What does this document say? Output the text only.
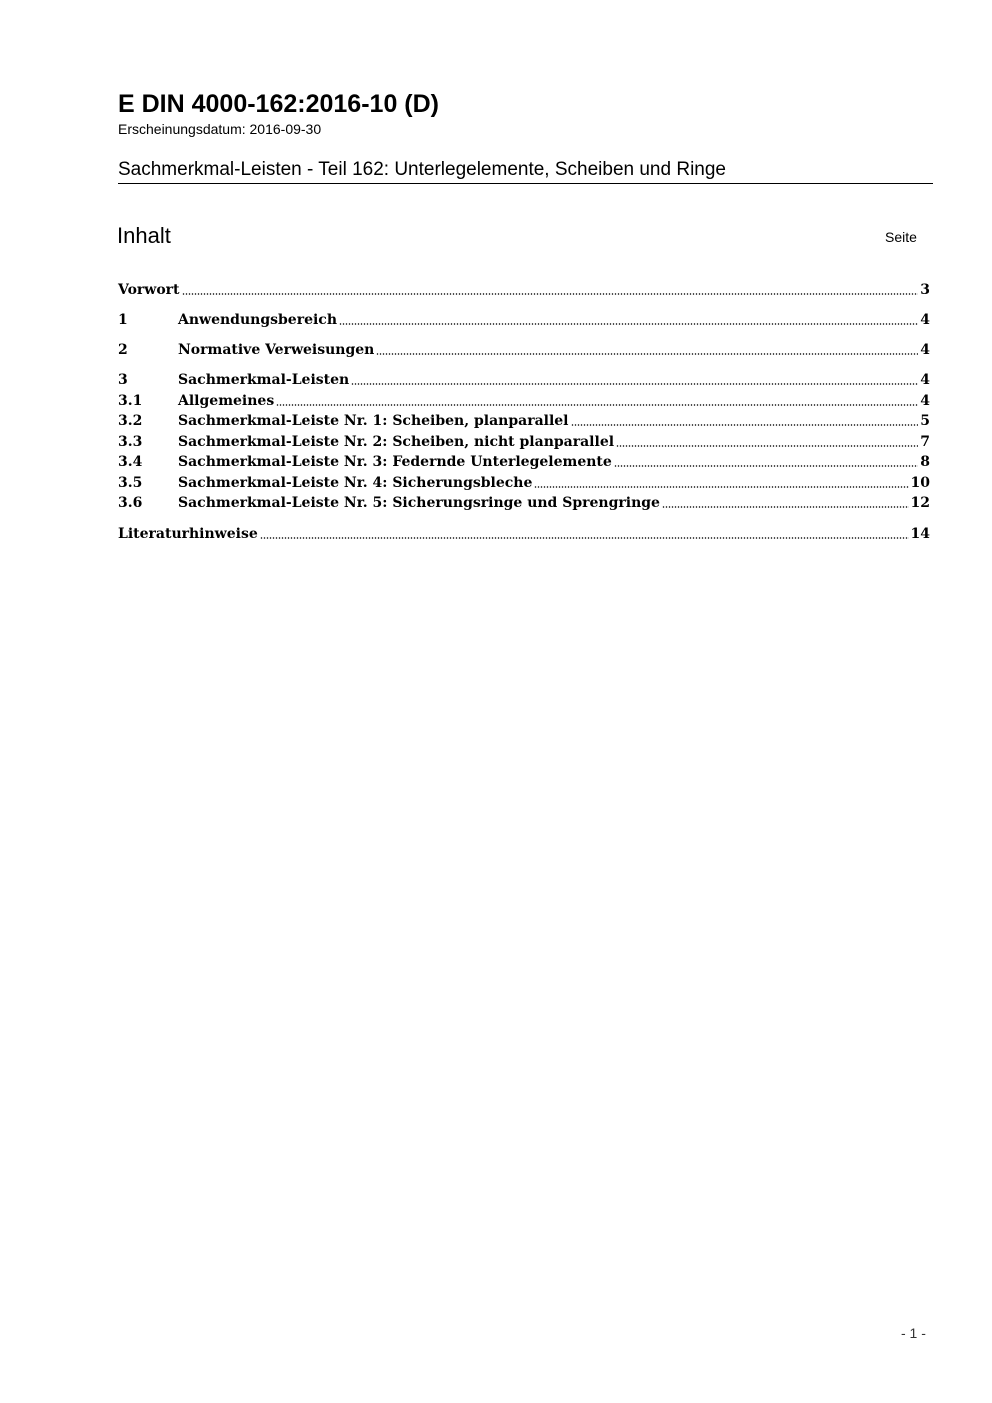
E DIN 4000-162:2016-10 (D)
Erscheinungsdatum: 2016-09-30
Sachmerkmal-Leisten - Teil 162: Unterlegelemente, Scheiben und Ringe
Inhalt	Seite
Vorwort	3
1	Anwendungsbereich	4
2	Normative Verweisungen	4
3	Sachmerkmal-Leisten	4
3.1	Allgemeines	4
3.2	Sachmerkmal-Leiste Nr. 1: Scheiben, planparallel	5
3.3	Sachmerkmal-Leiste Nr. 2: Scheiben, nicht planparallel	7
3.4	Sachmerkmal-Leiste Nr. 3: Federnde Unterlegelemente	8
3.5	Sachmerkmal-Leiste Nr. 4: Sicherungsbleche	10
3.6	Sachmerkmal-Leiste Nr. 5: Sicherungsringe und Sprengringe	12
Literaturhinweise	14
- 1 -
